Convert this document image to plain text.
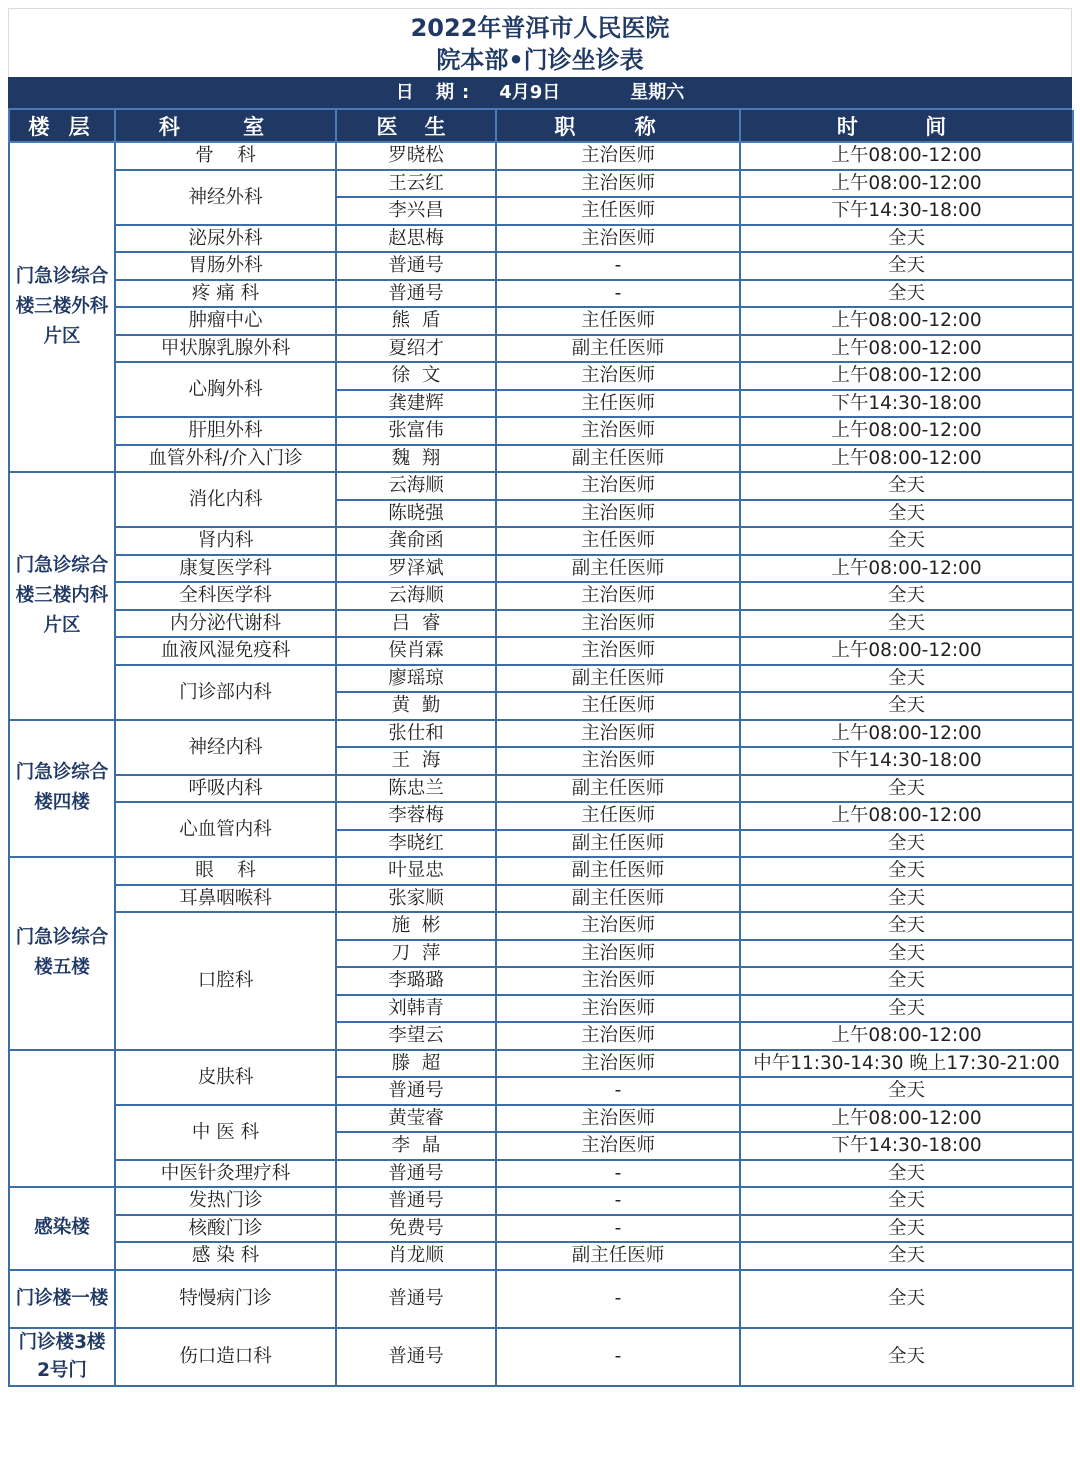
2022年普洱市人民医院
院本部•门诊坐诊表
日 期: 4月9日	星期六
楼 层	科 室	医 生	职 称	时 间
门急诊综合
楼三楼外科
片区	骨    科	罗晓松	主治医师	上午08:00-12:00
	神经外科	王云红	主治医师	上午08:00-12:00
		李兴昌	主任医师	下午14:30-18:00
	泌尿外科	赵思梅	主治医师	全天
	胃肠外科	普通号	-	全天
	疼 痛 科	普通号	-	全天
	肿瘤中心	熊  盾	主任医师	上午08:00-12:00
	甲状腺乳腺外科	夏绍才	副主任医师	上午08:00-12:00
	心胸外科	徐  文	主治医师	上午08:00-12:00
		龚建辉	主任医师	下午14:30-18:00
	肝胆外科	张富伟	主治医师	上午08:00-12:00
	血管外科/介入门诊	魏  翔	副主任医师	上午08:00-12:00
门急诊综合
楼三楼内科
片区	消化内科	云海顺	主治医师	全天
		陈晓强	主治医师	全天
	肾内科	龚俞函	主任医师	全天
	康复医学科	罗泽斌	副主任医师	上午08:00-12:00
	全科医学科	云海顺	主治医师	全天
	内分泌代谢科	吕  睿	主治医师	全天
	血液风湿免疫科	侯肖霖	主治医师	上午08:00-12:00
	门诊部内科	廖瑶琼	副主任医师	全天
		黄  勤	主任医师	全天
门急诊综合
楼四楼	神经内科	张仕和	主治医师	上午08:00-12:00
		王  海	主治医师	下午14:30-18:00
	呼吸内科	陈忠兰	副主任医师	全天
	心血管内科	李蓉梅	主任医师	上午08:00-12:00
		李晓红	副主任医师	全天
门急诊综合
楼五楼	眼    科	叶显忠	副主任医师	全天
	耳鼻咽喉科	张家顺	副主任医师	全天
	口腔科	施  彬	主治医师	全天
		刀  萍	主治医师	全天
		李璐璐	主治医师	全天
		刘韩青	主治医师	全天
		李望云	主治医师	上午08:00-12:00
	皮肤科	滕  超	主治医师	中午11:30-14:30 晚上17:30-21:00
		普通号	-	全天
	中 医 科	黄莹睿	主治医师	上午08:00-12:00
		李  晶	主治医师	下午14:30-18:00
	中医针灸理疗科	普通号	-	全天
感染楼	发热门诊	普通号	-	全天
	核酸门诊	免费号	-	全天
	感 染 科	肖龙顺	副主任医师	全天
门诊楼一楼	特慢病门诊	普通号	-	全天
门诊楼3楼
2号门	伤口造口科	普通号	-	全天
